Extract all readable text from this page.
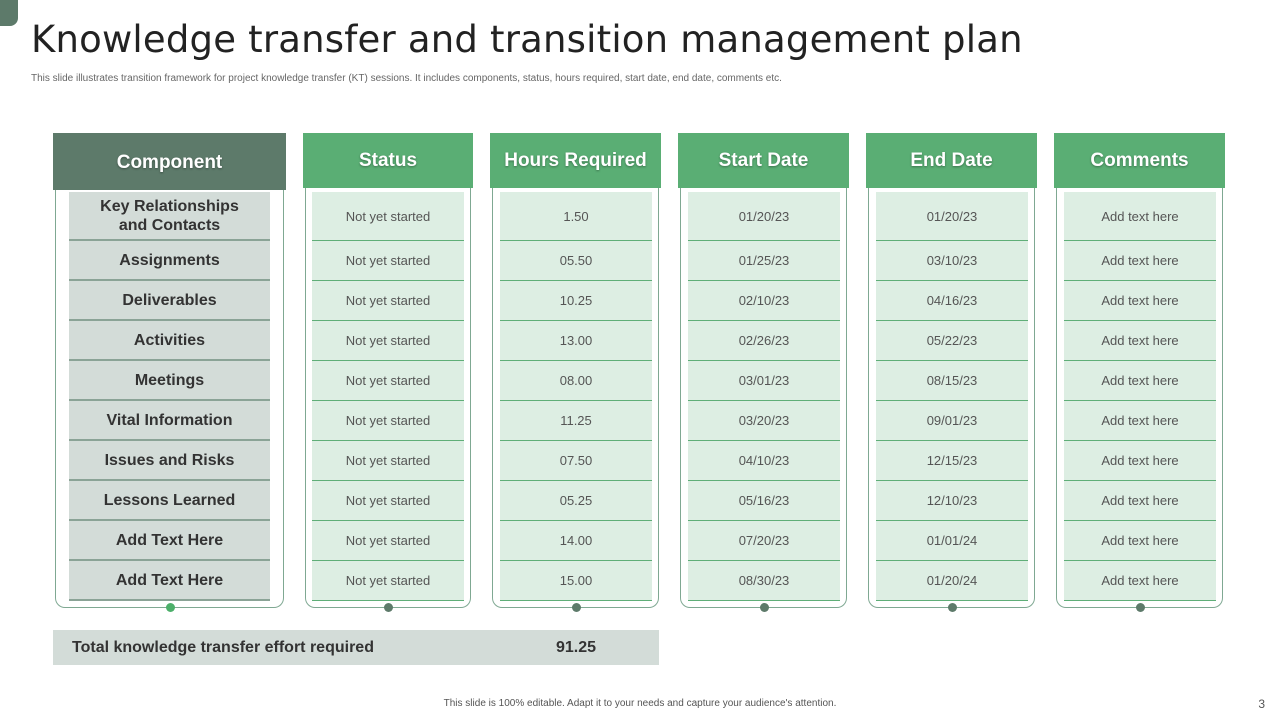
Knowledge transfer and transition management plan
This slide illustrates transition framework for project knowledge transfer (KT) sessions. It includes components, status, hours required, start date, end date, comments etc.
Component
Key Relationships and Contacts
Assignments
Deliverables
Activities
Meetings
Vital Information
Issues and Risks
Lessons Learned
Add Text Here
Add Text Here
Status
Not yet started
Not yet started
Not yet started
Not yet started
Not yet started
Not yet started
Not yet started
Not yet started
Not yet started
Not yet started
Hours Required
1.50
05.50
10.25
13.00
08.00
11.25
07.50
05.25
14.00
15.00
Start Date
01/20/23
01/25/23
02/10/23
02/26/23
03/01/23
03/20/23
04/10/23
05/16/23
07/20/23
08/30/23
End Date
01/20/23
03/10/23
04/16/23
05/22/23
08/15/23
09/01/23
12/15/23
12/10/23
01/01/24
01/20/24
Comments
Add text here
Add text here
Add text here
Add text here
Add text here
Add text here
Add text here
Add text here
Add text here
Add text here
Total knowledge transfer effort required	91.25
This slide is 100% editable. Adapt it to your needs and capture your audience's attention.	3
